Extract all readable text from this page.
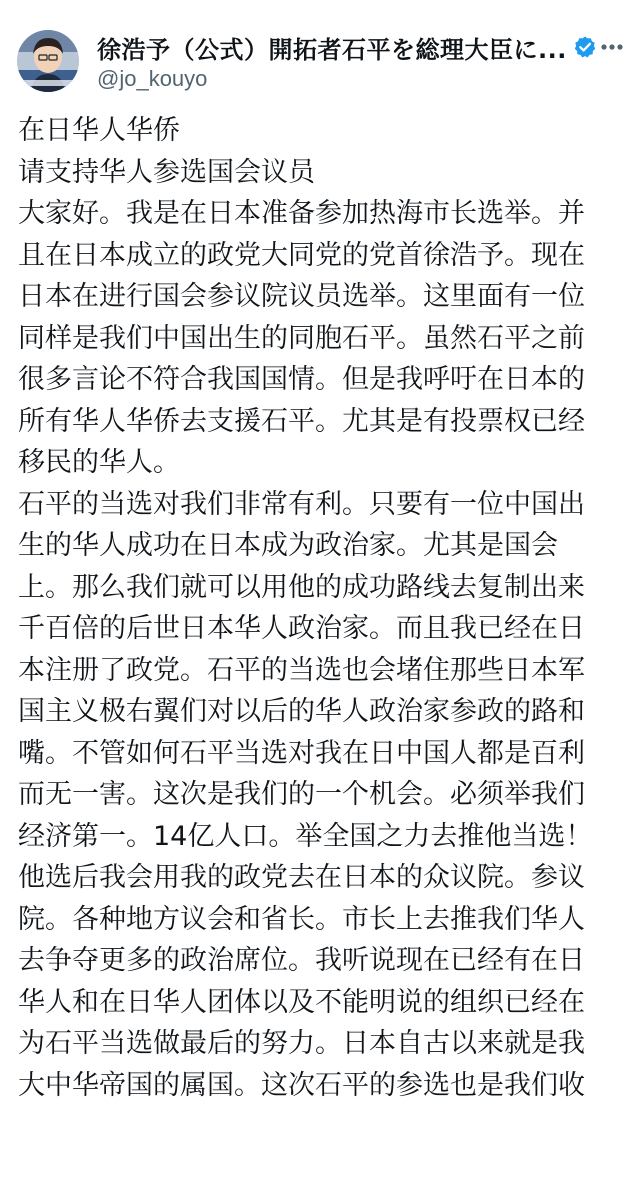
徐浩予（公式）開拓者石平を総理大臣に...
@jo_kouyo
在日华人华侨
请支持华人参选国会议员
大家好。我是在日本准备参加热海市长选举。并
且在日本成立的政党大同党的党首徐浩予。现在
日本在进行国会参议院议员选举。这里面有一位
同样是我们中国出生的同胞石平。虽然石平之前
很多言论不符合我国国情。但是我呼吁在日本的
所有华人华侨去支援石平。尤其是有投票权已经
移民的华人。
石平的当选对我们非常有利。只要有一位中国出
生的华人成功在日本成为政治家。尤其是国会
上。那么我们就可以用他的成功路线去复制出来
千百倍的后世日本华人政治家。而且我已经在日
本注册了政党。石平的当选也会堵住那些日本军
国主义极右翼们对以后的华人政治家参政的路和
嘴。不管如何石平当选对我在日中国人都是百利
而无一害。这次是我们的一个机会。必须举我们
经济第一。14亿人口。举全国之力去推他当选！
他选后我会用我的政党去在日本的众议院。参议
院。各种地方议会和省长。市长上去推我们华人
去争夺更多的政治席位。我听说现在已经有在日
华人和在日华人团体以及不能明说的组织已经在
为石平当选做最后的努力。日本自古以来就是我
大中华帝国的属国。这次石平的参选也是我们收
